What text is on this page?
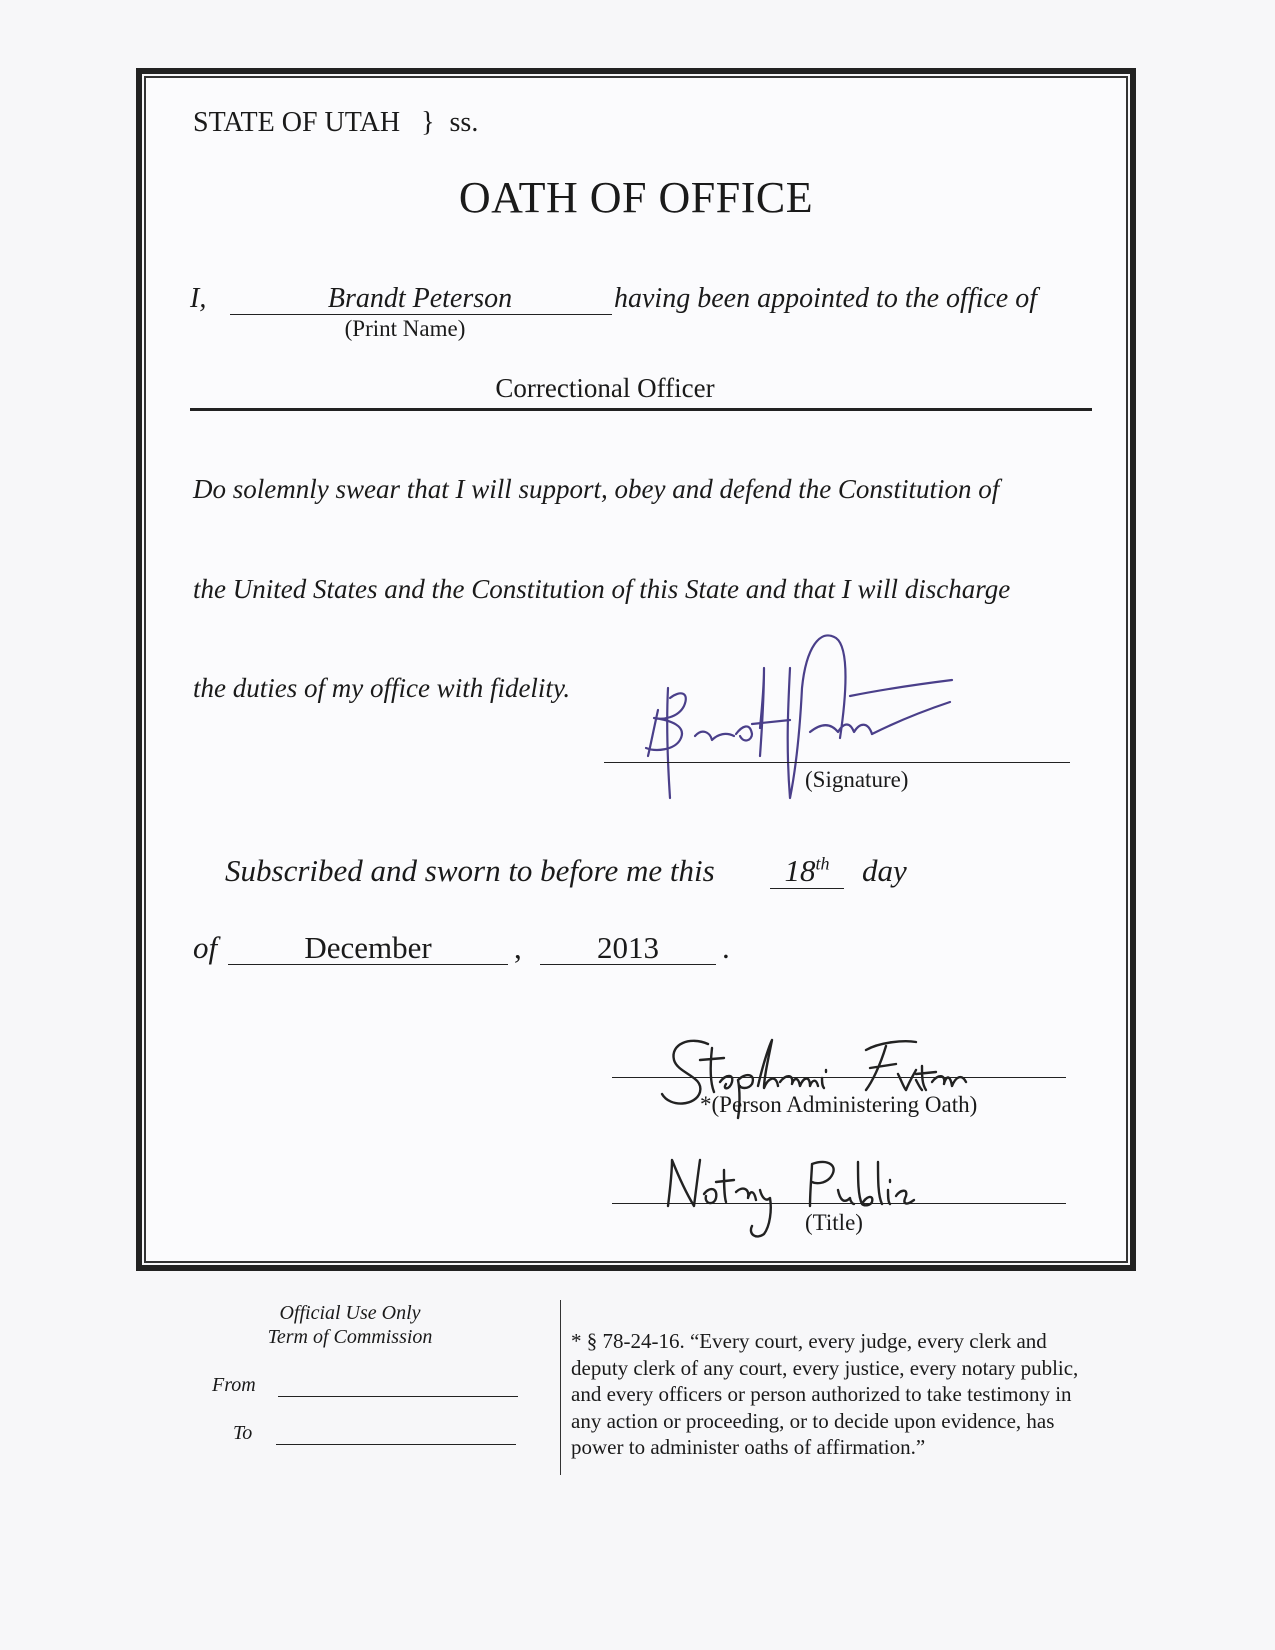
STATE OF UTAH } ss.
OATH OF OFFICE
I,	Brandt Peterson	having been appointed to the office of
(Print Name)
Correctional Officer
Do solemnly swear that I will support, obey and defend the Constitution of
the United States and the Constitution of this State and that I will discharge
the duties of my office with fidelity.
(Signature)
Subscribed and sworn to before me this	18th	day
of	December	,	2013	.
*(Person Administering Oath)
(Title)
Official Use Only
Term of Commission
From
To
* § 78-24-16. “Every court, every judge, every clerk and
deputy clerk of any court, every justice, every notary public,
and every officers or person authorized to take testimony in
any action or proceeding, or to decide upon evidence, has
power to administer oaths of affirmation.”
